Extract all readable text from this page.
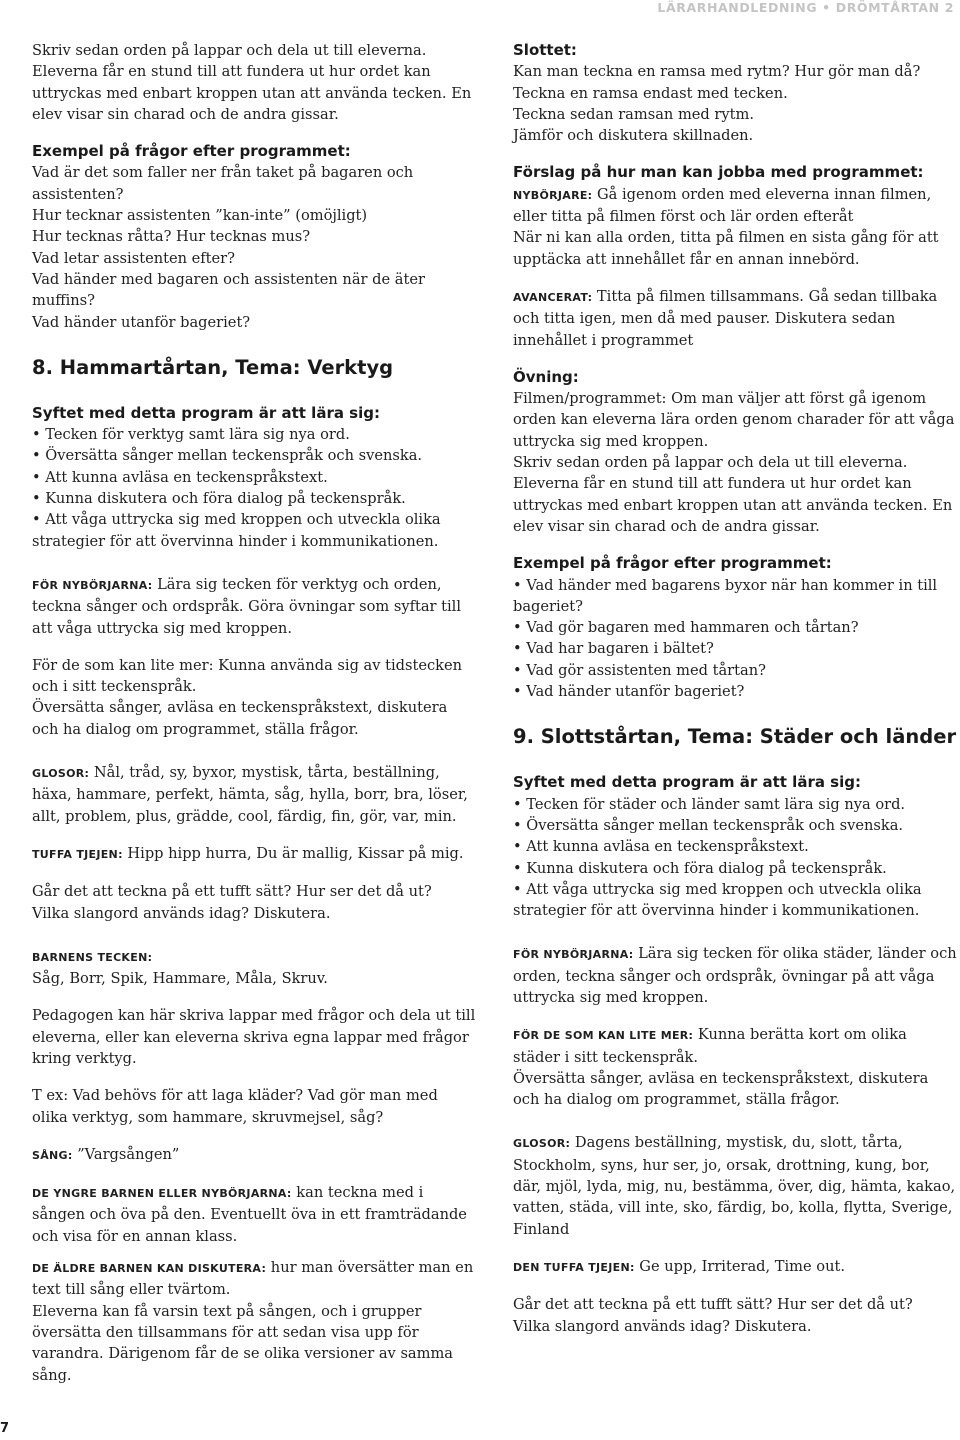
LÄRARHANDLEDNING • DRÖMTÅRTAN 2

Skriv sedan orden på lappar och dela ut till eleverna. Eleverna får en stund till att fundera ut hur ordet kan uttryckas med enbart kroppen utan att använda tecken. En elev visar sin charad och de andra gissar.

Exempel på frågor efter programmet:

Vad är det som faller ner från taket på bagaren och assistenten?

Hur tecknar assistenten ”kan-inte” (omöjligt)

Hur tecknas råtta? Hur tecknas mus?

Vad letar assistenten efter?

Vad händer med bagaren och assistenten när de äter muffins?

Vad händer utanför bageriet?

8. Hammartårtan, Tema: Verktyg

Syftet med detta program är att lära sig:

• Tecken för verktyg samt lära sig nya ord.
• Översätta sånger mellan teckenspråk och svenska.
• Att kunna avläsa en teckenspråkstext.
• Kunna diskutera och föra dialog på teckenspråk.
• Att våga uttrycka sig med kroppen och utveckla olika strategier för att övervinna hinder i kommunikationen.

FÖR NYBÖRJARNA: Lära sig tecken för verktyg och orden, teckna sånger och ordspråk. Göra övningar som syftar till att våga uttrycka sig med kroppen.

För de som kan lite mer: Kunna använda sig av tidstecken och i sitt teckenspråk.

Översätta sånger, avläsa en teckenspråkstext, diskutera och ha dialog om programmet, ställa frågor.

GLOSOR: Nål, tråd, sy, byxor, mystisk, tårta, beställning, häxa, hammare, perfekt, hämta, såg, hylla, borr, bra, löser, allt, problem, plus, grädde, cool, färdig, fin, gör, var, min.

TUFFA TJEJEN: Hipp hipp hurra, Du är mallig, Kissar på mig.

Går det att teckna på ett tufft sätt? Hur ser det då ut?

Vilka slangord används idag? Diskutera.

BARNENS TECKEN:

Såg, Borr, Spik, Hammare, Måla, Skruv.

Pedagogen kan här skriva lappar med frågor och dela ut till eleverna, eller kan eleverna skriva egna lappar med frågor kring verktyg.

T ex: Vad behövs för att laga kläder? Vad gör man med olika verktyg, som hammare, skruvmejsel, såg?

SÅNG: ”Vargsången”

DE YNGRE BARNEN ELLER NYBÖRJARNA: kan teckna med i sången och öva på den. Eventuellt öva in ett framträdande och visa för en annan klass.

DE ÄLDRE BARNEN KAN DISKUTERA: hur man översätter man en text till sång eller tvärtom.

Eleverna kan få varsin text på sången, och i grupper översätta den tillsammans för att sedan visa upp för varandra. Därigenom får de se olika versioner av samma sång.

Slottet:

Kan man teckna en ramsa med rytm? Hur gör man då?

Teckna en ramsa endast med tecken.

Teckna sedan ramsan med rytm.

Jämför och diskutera skillnaden.

Förslag på hur man kan jobba med programmet:

NYBÖRJARE: Gå igenom orden med eleverna innan filmen, eller titta på filmen först och lär orden efteråt

När ni kan alla orden, titta på filmen en sista gång för att upptäcka att innehållet får en annan innebörd.

AVANCERAT: Titta på filmen tillsammans. Gå sedan tillbaka och titta igen, men då med pauser. Diskutera sedan innehållet i programmet

Övning:

Filmen/programmet: Om man väljer att först gå igenom orden kan eleverna lära orden genom charader för att våga uttrycka sig med kroppen.

Skriv sedan orden på lappar och dela ut till eleverna. Eleverna får en stund till att fundera ut hur ordet kan uttryckas med enbart kroppen utan att använda tecken. En elev visar sin charad och de andra gissar.

Exempel på frågor efter programmet:

• Vad händer med bagarens byxor när han kommer in till bageriet?
• Vad gör bagaren med hammaren och tårtan?
• Vad har bagaren i bältet?
• Vad gör assistenten med tårtan?
• Vad händer utanför bageriet?

9. Slottstårtan, Tema: Städer och länder

Syftet med detta program är att lära sig:

• Tecken för städer och länder samt lära sig nya ord.
• Översätta sånger mellan teckenspråk och svenska.
• Att kunna avläsa en teckenspråkstext.
• Kunna diskutera och föra dialog på teckenspråk.
• Att våga uttrycka sig med kroppen och utveckla olika strategier för att övervinna hinder i kommunikationen.

FÖR NYBÖRJARNA: Lära sig tecken för olika städer, länder och orden, teckna sånger och ordspråk, övningar på att våga uttrycka sig med kroppen.

FÖR DE SOM KAN LITE MER: Kunna berätta kort om olika städer i sitt teckenspråk.

Översätta sånger, avläsa en teckenspråkstext, diskutera och ha dialog om programmet, ställa frågor.

GLOSOR: Dagens beställning, mystisk, du, slott, tårta, Stockholm, syns, hur ser, jo, orsak, drottning, kung, bor, där, mjöl, lyda, mig, nu, bestämma, över, dig, hämta, kakao, vatten, städa, vill inte, sko, färdig, bo, kolla, flytta, Sverige, Finland

DEN TUFFA TJEJEN: Ge upp, Irriterad, Time out.

Går det att teckna på ett tufft sätt? Hur ser det då ut?

Vilka slangord används idag? Diskutera.

7
